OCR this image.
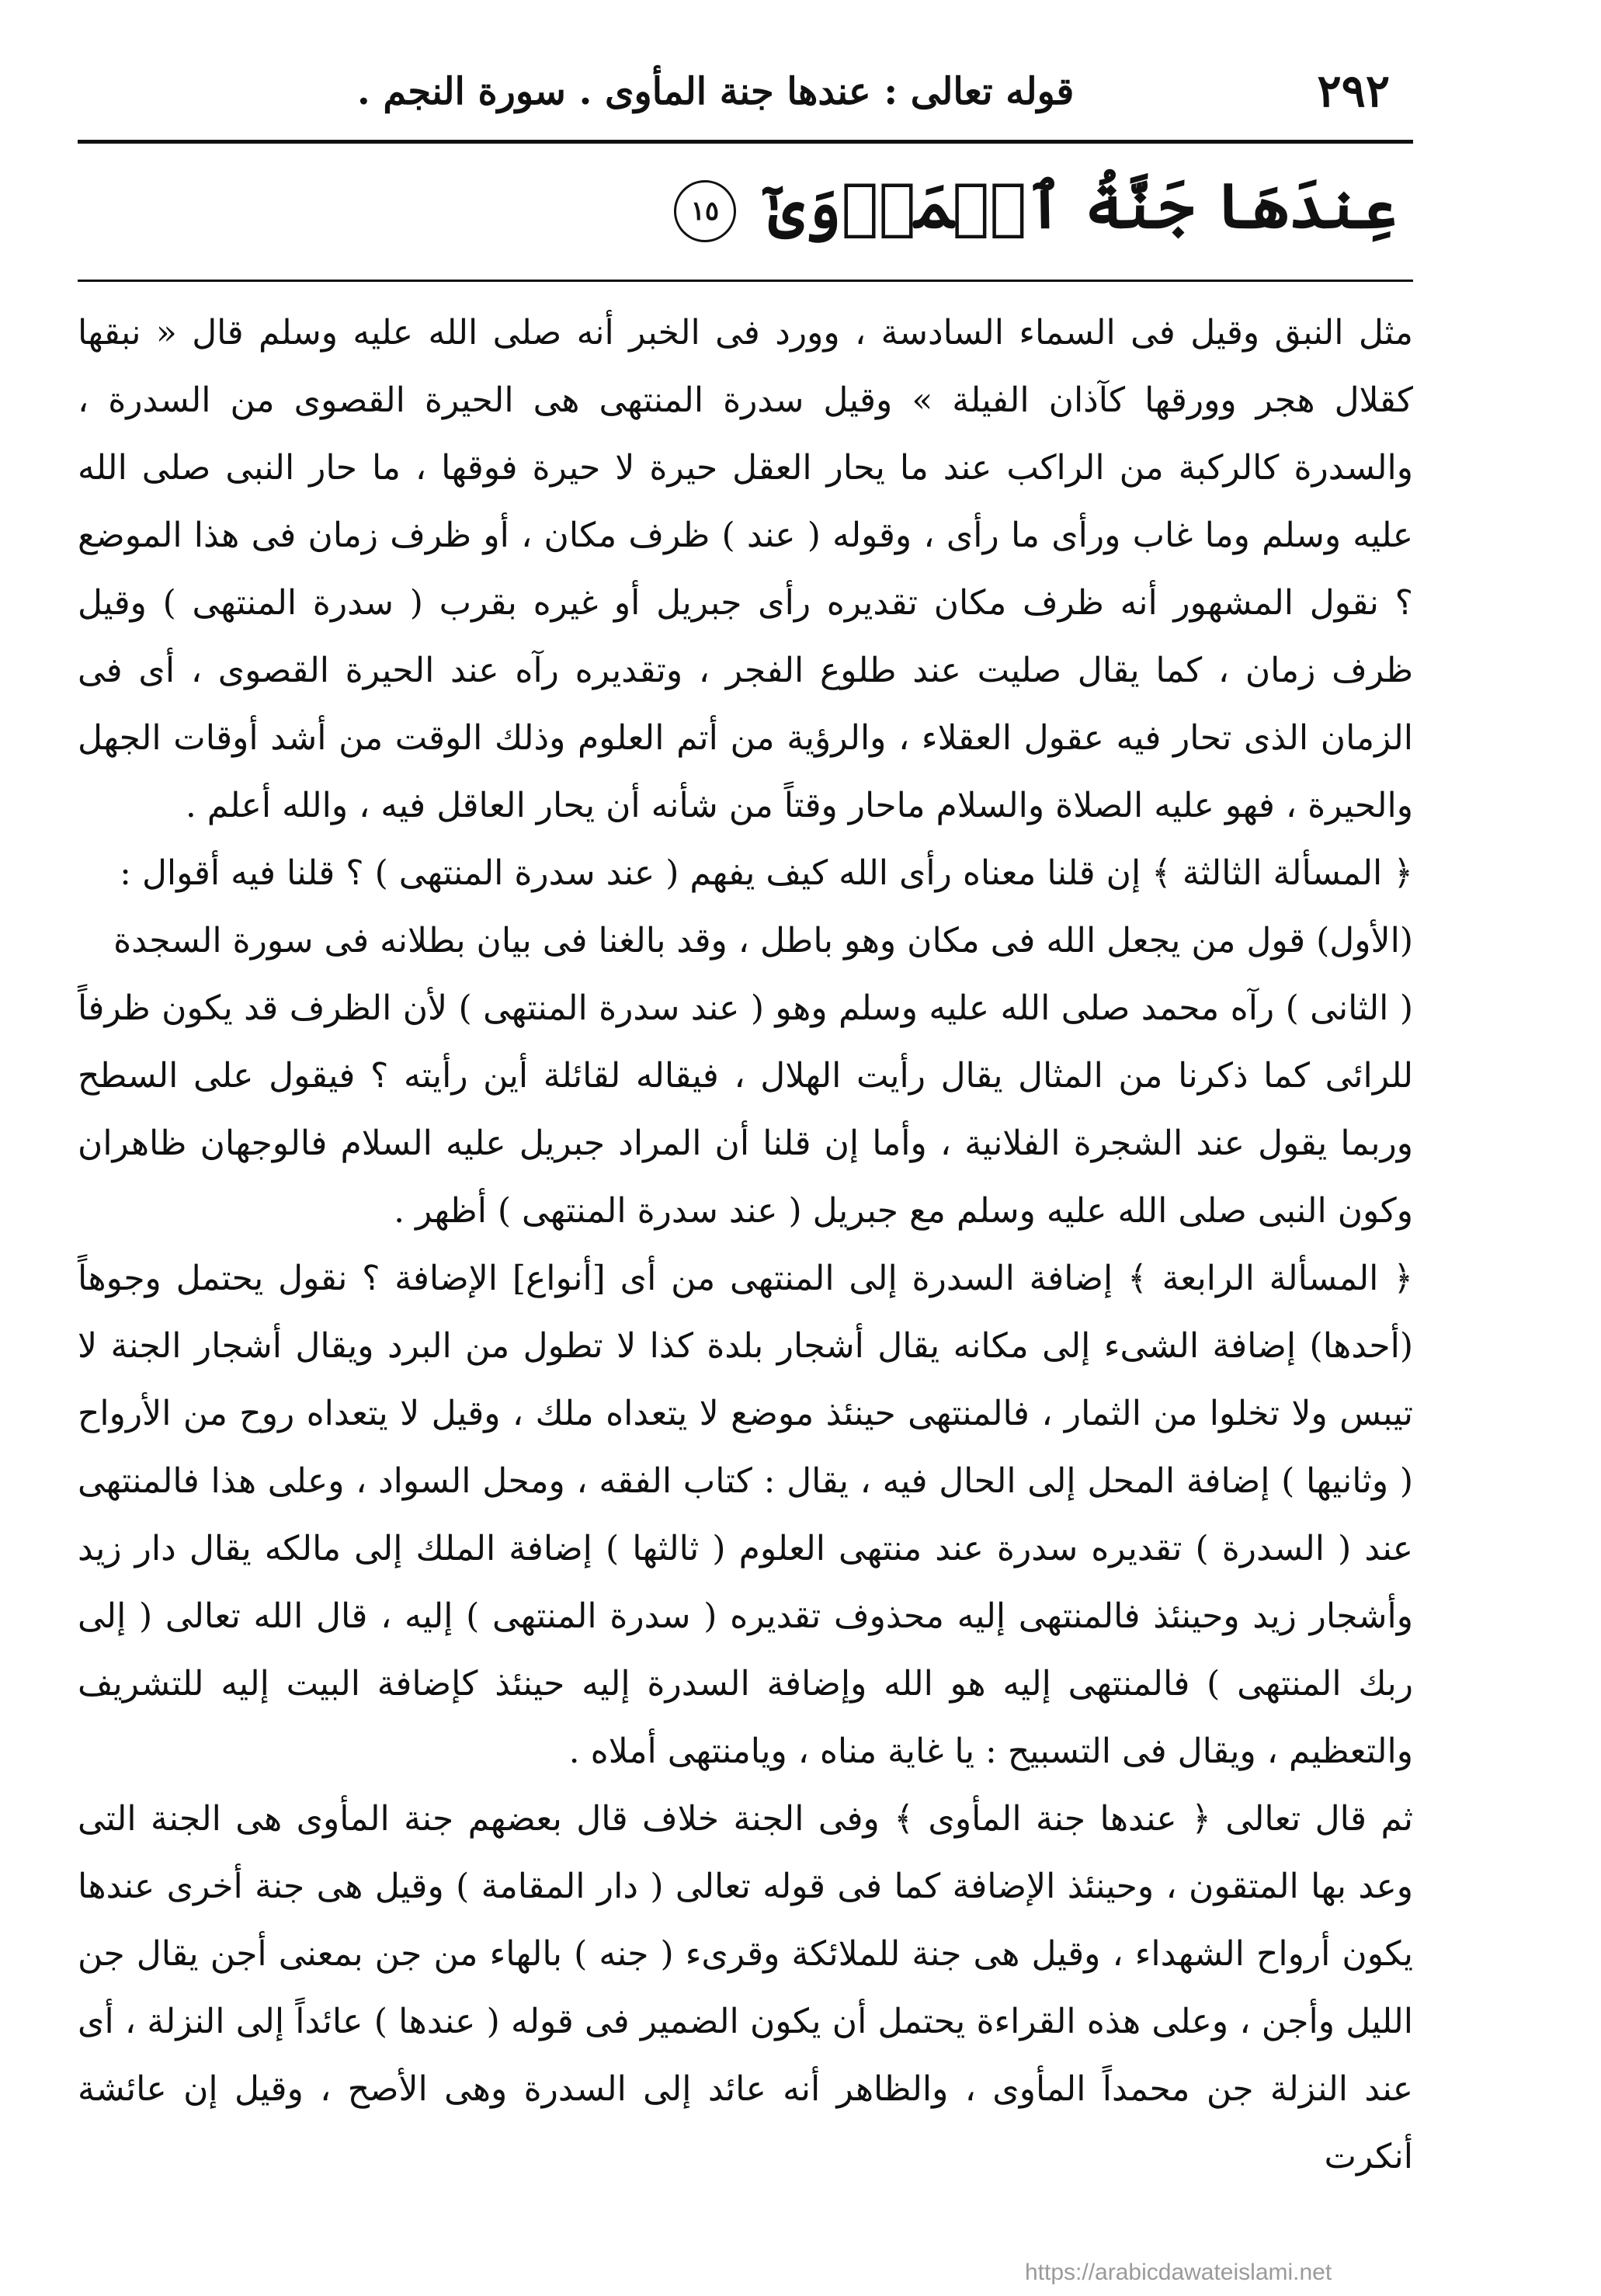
٢٩٢
قوله تعالى : عندها جنة المأوى . سورة النجم .
عِندَهَا جَنَّةُ ٱلۡمَأۡوَىٰٓ ١٥

مثل النبق وقيل فى السماء السادسة ، وورد فى الخبر أنه صلى الله عليه وسلم قال « نبقها كقلال هجر وورقها كآذان الفيلة » وقيل سدرة المنتهى هى الحيرة القصوى من السدرة ، والسدرة كالركبة من الراكب عند ما يحار العقل حيرة لا حيرة فوقها ، ما حار النبى صلى الله عليه وسلم وما غاب ورأى ما رأى ، وقوله ( عند ) ظرف مكان ، أو ظرف زمان فى هذا الموضع ؟ نقول المشهور أنه ظرف مكان تقديره رأى جبريل أو غيره بقرب ( سدرة المنتهى ) وقيل ظرف زمان ، كما يقال صليت عند طلوع الفجر ، وتقديره رآه عند الحيرة القصوى ، أى فى الزمان الذى تحار فيه عقول العقلاء ، والرؤية من أتم العلوم وذلك الوقت من أشد أوقات الجهل والحيرة ، فهو عليه الصلاة والسلام ماحار وقتاً من شأنه أن يحار العاقل فيه ، والله أعلم .

﴿ المسألة الثالثة ﴾ إن قلنا معناه رأى الله كيف يفهم ( عند سدرة المنتهى ) ؟ قلنا فيه أقوال :

(الأول) قول من يجعل الله فى مكان وهو باطل ، وقد بالغنا فى بيان بطلانه فى سورة السجدة

( الثانى ) رآه محمد صلى الله عليه وسلم وهو ( عند سدرة المنتهى ) لأن الظرف قد يكون ظرفاً للرائى كما ذكرنا من المثال يقال رأيت الهلال ، فيقاله لقائلة أين رأيته ؟ فيقول على السطح وربما يقول عند الشجرة الفلانية ، وأما إن قلنا أن المراد جبريل عليه السلام فالوجهان ظاهران وكون النبى صلى الله عليه وسلم مع جبريل ( عند سدرة المنتهى ) أظهر .

﴿ المسألة الرابعة ﴾ إضافة السدرة إلى المنتهى من أى [أنواع] الإضافة ؟ نقول يحتمل وجوهاً (أحدها) إضافة الشىء إلى مكانه يقال أشجار بلدة كذا لا تطول من البرد ويقال أشجار الجنة لا تيبس ولا تخلوا من الثمار ، فالمنتهى حينئذ موضع لا يتعداه ملك ، وقيل لا يتعداه روح من الأرواح ( وثانيها ) إضافة المحل إلى الحال فيه ، يقال : كتاب الفقه ، ومحل السواد ، وعلى هذا فالمنتهى عند ( السدرة ) تقديره سدرة عند منتهى العلوم ( ثالثها ) إضافة الملك إلى مالكه يقال دار زيد وأشجار زيد وحينئذ فالمنتهى إليه محذوف تقديره ( سدرة المنتهى ) إليه ، قال الله تعالى ( إلى ربك المنتهى ) فالمنتهى إليه هو الله وإضافة السدرة إليه حينئذ كإضافة البيت إليه للتشريف والتعظيم ، ويقال فى التسبيح : يا غاية مناه ، ويامنتهى أملاه .

ثم قال تعالى ﴿ عندها جنة المأوى ﴾ وفى الجنة خلاف قال بعضهم جنة المأوى هى الجنة التى وعد بها المتقون ، وحينئذ الإضافة كما فى قوله تعالى ( دار المقامة ) وقيل هى جنة أخرى عندها يكون أرواح الشهداء ، وقيل هى جنة للملائكة وقرىء ( جنه ) بالهاء من جن بمعنى أجن يقال جن الليل وأجن ، وعلى هذه القراءة يحتمل أن يكون الضمير فى قوله ( عندها ) عائداً إلى النزلة ، أى عند النزلة جن محمداً المأوى ، والظاهر أنه عائد إلى السدرة وهى الأصح ، وقيل إن عائشة أنكرت

https://arabicdawateislami.net
